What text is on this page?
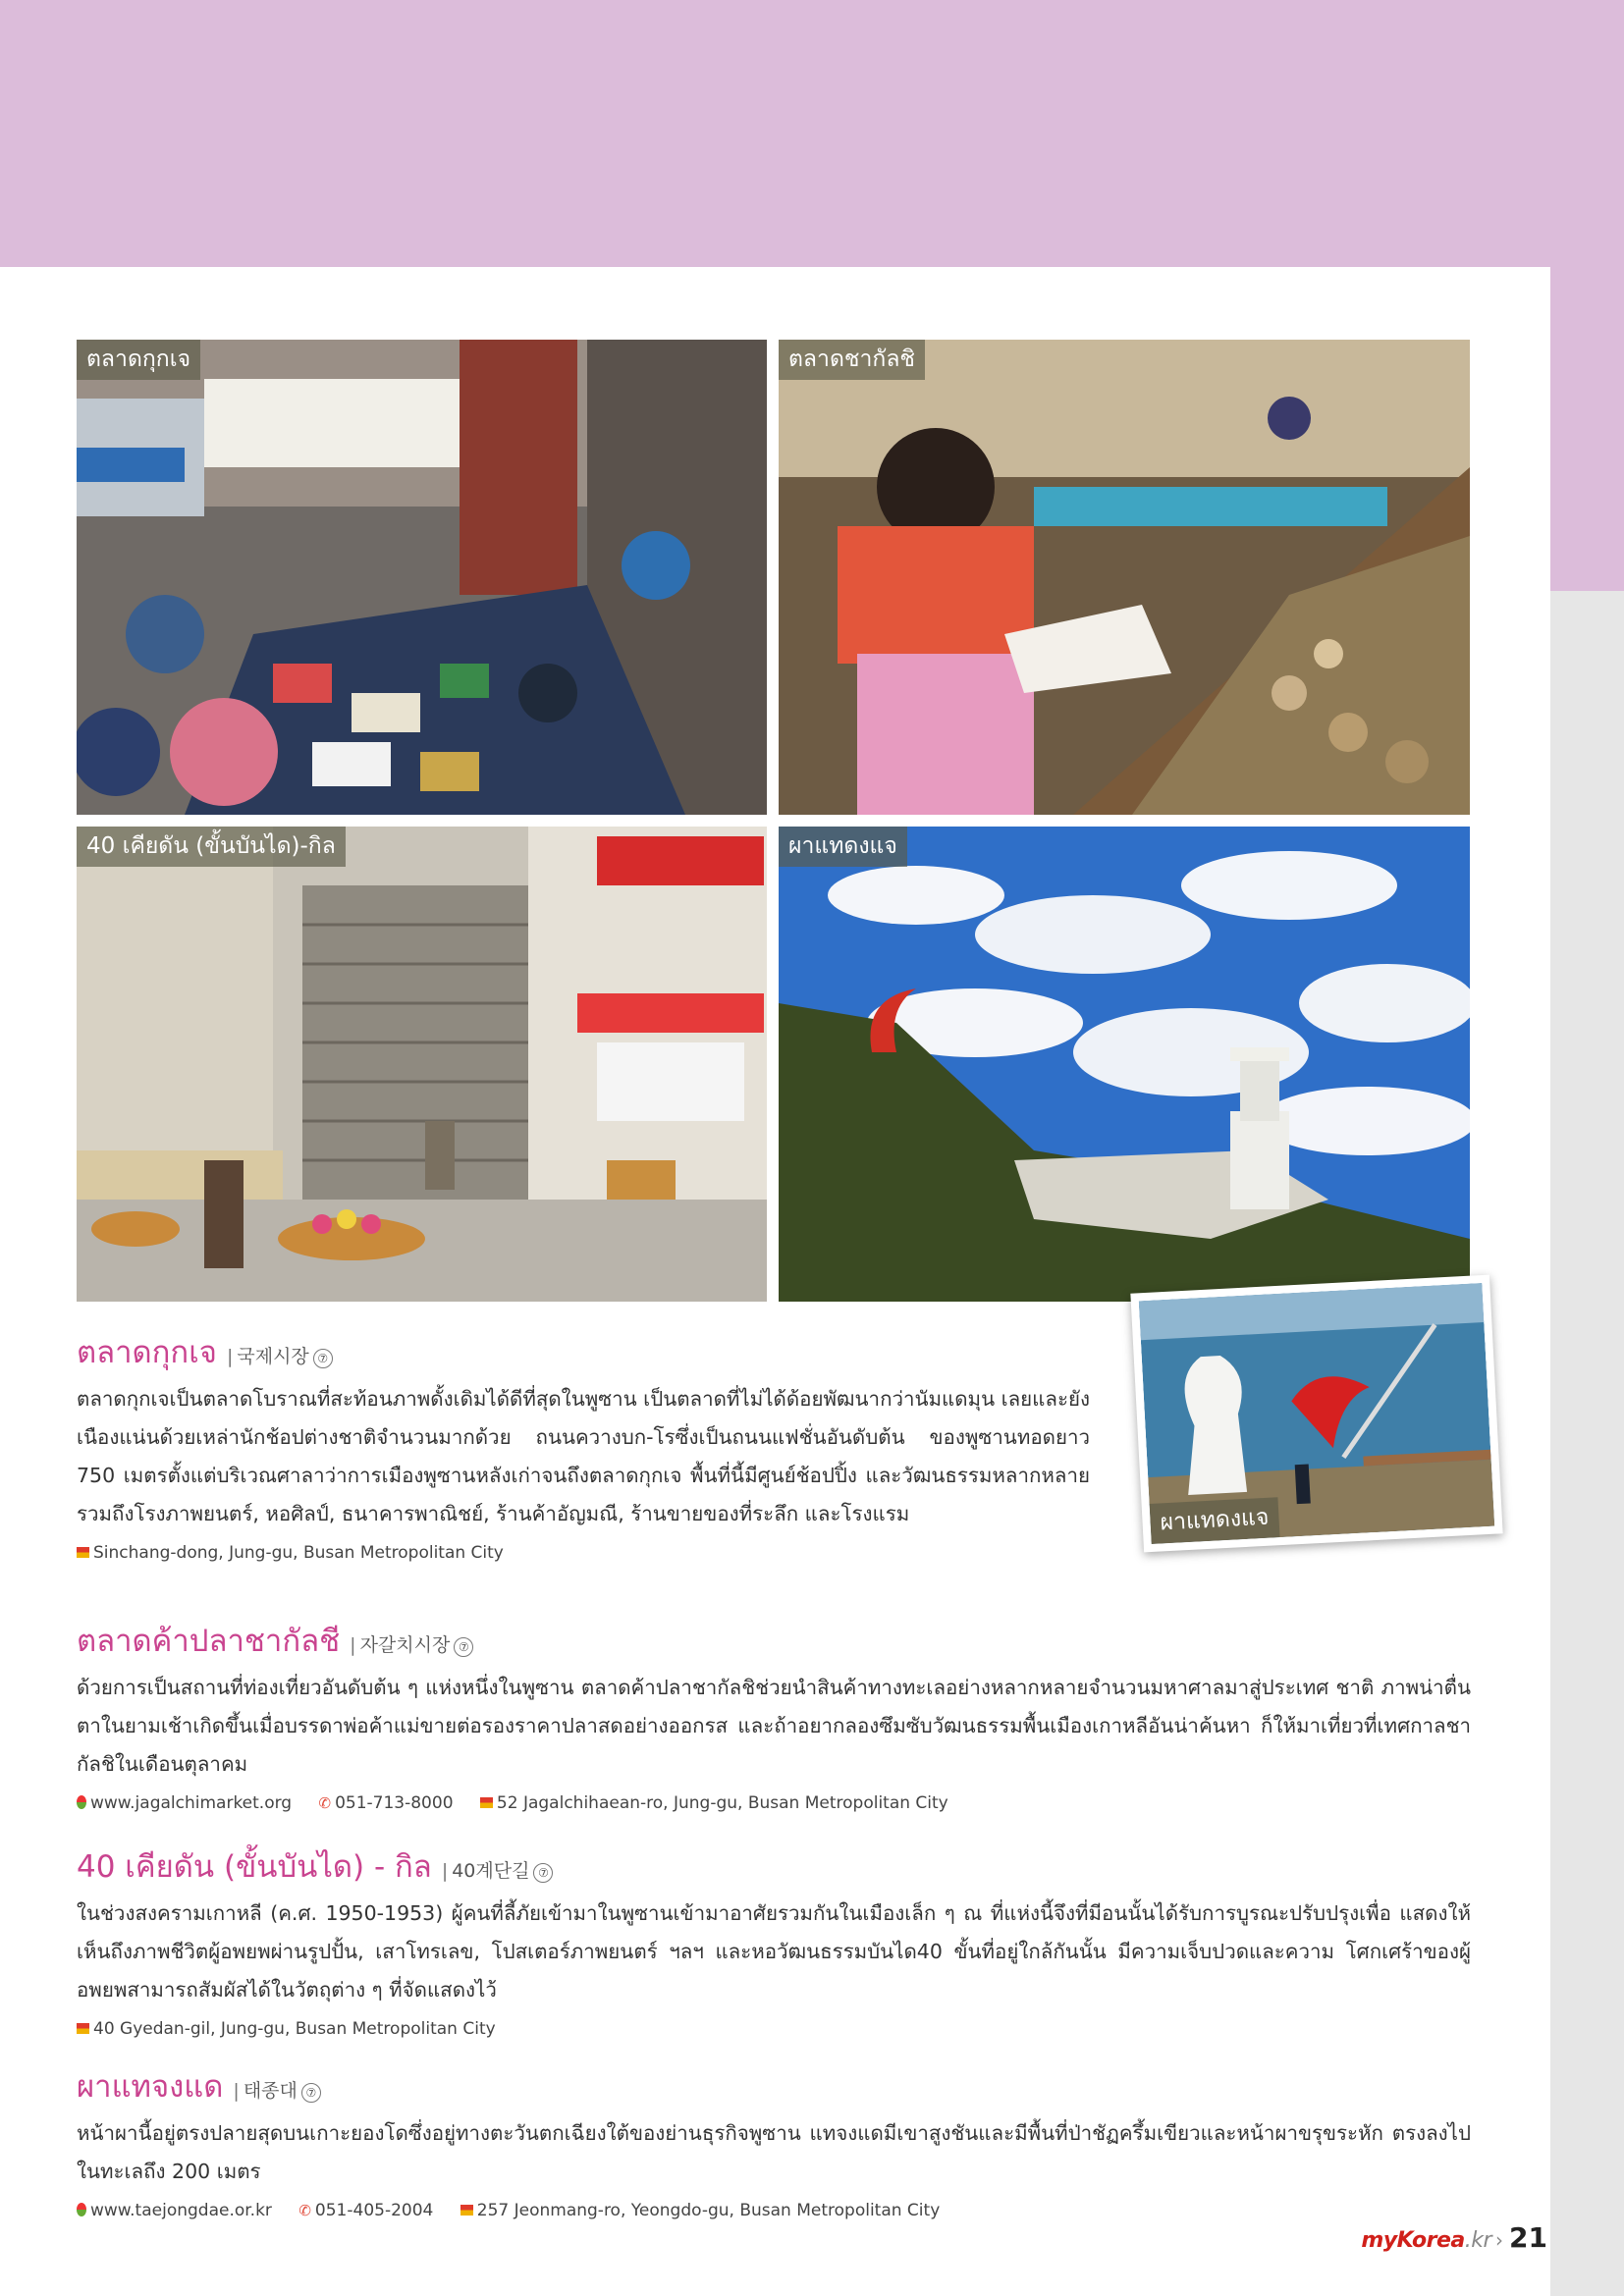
ตลาดกุกเจ	ตลาดชากัลชิ
40 เคียดัน (ขั้นบันได)-กิล	ผาแทดงแจ
ผาแทดงแจ
ตลาดกุกเจ | 국제시장 ⑦
ตลาดกุกเจเป็นตลาดโบราณที่สะท้อนภาพดั้งเดิมได้ดีที่สุดในพูซาน เป็นตลาดที่ไม่ได้ด้อยพัฒนากว่านัมแดมุน เลยและยังเนืองแน่นด้วยเหล่านักช้อปต่างชาติจำนวนมากด้วย ถนนควางบก-โรซึ่งเป็นถนนแฟชั่นอันดับต้น ของพูซานทอดยาว 750 เมตรตั้งแต่บริเวณศาลาว่าการเมืองพูซานหลังเก่าจนถึงตลาดกุกเจ พื้นที่นี้มีศูนย์ช้อปปิ้ง และวัฒนธรรมหลากหลายรวมถึงโรงภาพยนตร์, หอศิลป์, ธนาคารพาณิชย์, ร้านค้าอัญมณี, ร้านขายของที่ระลึก และโรงแรม
Sinchang-dong, Jung-gu, Busan Metropolitan City
ตลาดค้าปลาชากัลชี | 자갈치시장 ⑦
ด้วยการเป็นสถานที่ท่องเที่ยวอันดับต้น ๆ แห่งหนึ่งในพูซาน ตลาดค้าปลาชากัลชิช่วยนำสินค้าทางทะเลอย่างหลากหลายจำนวนมหาศาลมาสู่ประเทศ ชาติ ภาพน่าตื่นตาในยามเช้าเกิดขึ้นเมื่อบรรดาพ่อค้าแม่ขายต่อรองราคาปลาสดอย่างออกรส และถ้าอยากลองซึมซับวัฒนธรรมพื้นเมืองเกาหลีอันน่าค้นหา ก็ให้มาเที่ยวที่เทศกาลชากัลชิในเดือนตุลาคม
www.jagalchimarket.org ✆ 051-713-8000	52 Jagalchihaean-ro, Jung-gu, Busan Metropolitan City
40 เคียดัน (ขั้นบันได) - กิล | 40계단길 ⑦
ในช่วงสงครามเกาหลี (ค.ศ. 1950-1953) ผู้คนที่ลี้ภัยเข้ามาในพูซานเข้ามาอาศัยรวมกันในเมืองเล็ก ๆ ณ ที่แห่งนี้จึงที่มีอนนั้นได้รับการบูรณะปรับปรุงเพื่อ แสดงให้เห็นถึงภาพชีวิตผู้อพยพผ่านรูปปั้น, เสาโทรเลข, โปสเตอร์ภาพยนตร์ ฯลฯ และหอวัฒนธรรมบันได40 ขั้นที่อยู่ใกล้กันนั้น มีความเจ็บปวดและความ โศกเศร้าของผู้อพยพสามารถสัมผัสได้ในวัตถุต่าง ๆ ที่จัดแสดงไว้
40 Gyedan-gil, Jung-gu, Busan Metropolitan City
ผาแทจงแด | 태종대 ⑦
หน้าผานี้อยู่ตรงปลายสุดบนเกาะยองโดซึ่งอยู่ทางตะวันตกเฉียงใต้ของย่านธุรกิจพูซาน แทจงแดมีเขาสูงชันและมีพื้นที่ป่าชัฏครึ้มเขียวและหน้าผาขรุขระหัก ตรงลงไปในทะเลถึง 200 เมตร
www.taejongdae.or.kr ✆ 051-405-2004	257 Jeonmang-ro, Yeongdo-gu, Busan Metropolitan City
myKorea.kr › 21
